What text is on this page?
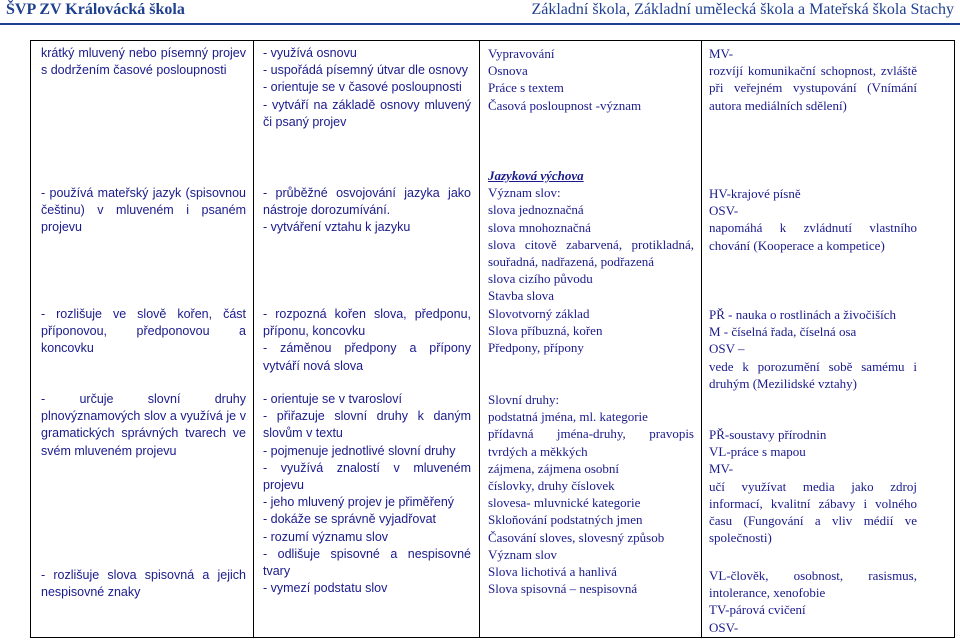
ŠVP ZV Královácká škola	Základní škola, Základní umělecká škola a Mateřská škola Stachy
krátký mluvený nebo písemný projev s dodržením časové posloupnosti
- používá mateřský jazyk (spisovnou češtinu) v mluveném i psaném projevu
- rozlišuje ve slově kořen, část příponovou, předponovou a koncovku
- určuje slovní druhy plnovýznamových slov a využívá je v gramatických správných tvarech ve svém mluveném projevu
- rozlišuje slova spisovná a jejich nespisovné znaky
- využívá osnovu
- uspořádá písemný útvar dle osnovy
- orientuje se v časové posloupnosti
- vytváří na základě osnovy mluvený či psaný projev
- průběžné osvojování jazyka jako nástroje dorozumívání.
- vytváření vztahu k jazyku
- rozpozná kořen slova, předponu, příponu, koncovku
- záměnou předpony a přípony vytváří nová slova
- orientuje se v tvarosloví
- přiřazuje slovní druhy k daným slovům v textu
- pojmenuje jednotlivé slovní druhy
- využívá znalostí v mluveném projevu
- jeho mluvený projev je přiměřený
- dokáže se správně vyjadřovat
- rozumí významu slov
- odlišuje spisovné a nespisovné tvary
- vymezí podstatu slov
Vypravování
Osnova
Práce s textem
Časová posloupnost -význam
Jazyková výchova
Význam slov:
slova jednoznačná
slova mnohoznačná
slova citově zabarvená, protikladná, souřadná, nadřazená, podřazená
slova cizího původu
Stavba slova
Slovotvorný základ
Slova příbuzná, kořen
Předpony, přípony
Slovní druhy:
podstatná jména, ml. kategorie
přídavná jména-druhy, pravopis tvrdých a měkkých
zájmena, zájmena osobní
číslovky, druhy číslovek
slovesa- mluvnické kategorie
Skloňování podstatných jmen
Časování sloves, slovesný způsob
Význam slov
Slova lichotivá a hanlivá
Slova spisovná – nespisovná
MV-
rozvíjí komunikační schopnost, zvláště při veřejném vystupování (Vnímání autora mediálních sdělení)
HV-krajové písně
OSV-
napomáhá k zvládnutí vlastního chování (Kooperace a kompetice)
PŘ - nauka o rostlinách a živočiších
M - číselná řada, číselná osa
OSV –
vede k porozumění sobě samému i druhým (Mezilidské vztahy)
PŘ-soustavy přírodnin
VL-práce s mapou
MV-
učí využívat media jako zdroj informací, kvalitní zábavy i volného času (Fungování a vliv médií ve společnosti)
VL-člověk, osobnost, rasismus, intolerance, xenofobie
TV-párová cvičení
OSV-
